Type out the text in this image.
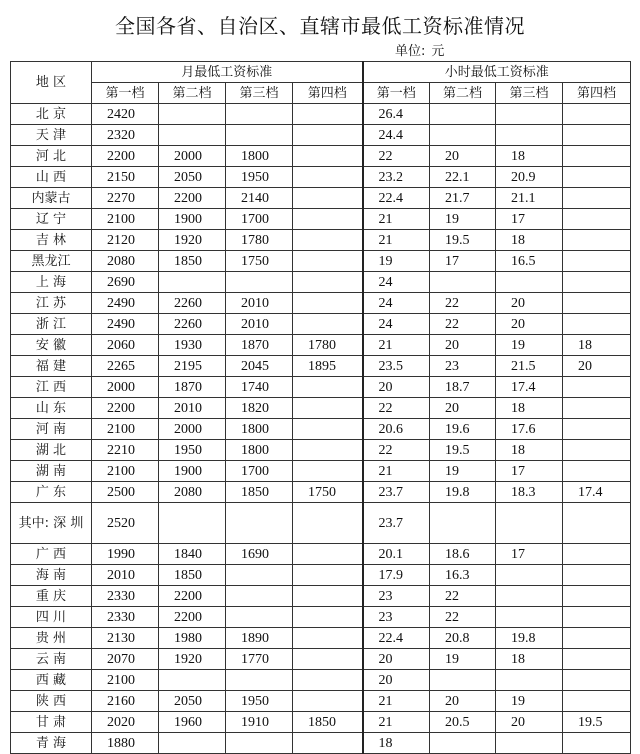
全国各省、自治区、直辖市最低工资标准情况
单位: 元
地 区	月最低工资标准				小时最低工资标准			
	第一档	第二档	第三档	第四档	第一档	第二档	第三档	第四档
北 京	2420				26.4			
天 津	2320				24.4			
河 北	2200	2000	1800		22	20	18	
山 西	2150	2050	1950		23.2	22.1	20.9	
内蒙古	2270	2200	2140		22.4	21.7	21.1	
辽 宁	2100	1900	1700		21	19	17	
吉 林	2120	1920	1780		21	19.5	18	
黑龙江	2080	1850	1750		19	17	16.5	
上 海	2690				24			
江 苏	2490	2260	2010		24	22	20	
浙 江	2490	2260	2010		24	22	20	
安 徽	2060	1930	1870	1780	21	20	19	18
福 建	2265	2195	2045	1895	23.5	23	21.5	20
江 西	2000	1870	1740		20	18.7	17.4	
山 东	2200	2010	1820		22	20	18	
河 南	2100	2000	1800		20.6	19.6	17.6	
湖 北	2210	1950	1800		22	19.5	18	
湖 南	2100	1900	1700		21	19	17	
广 东	2500	2080	1850	1750	23.7	19.8	18.3	17.4
其中: 深 圳	2520				23.7			
广 西	1990	1840	1690		20.1	18.6	17	
海 南	2010	1850			17.9	16.3		
重 庆	2330	2200			23	22		
四 川	2330	2200			23	22		
贵 州	2130	1980	1890		22.4	20.8	19.8	
云 南	2070	1920	1770		20	19	18	
西 藏	2100				20			
陕 西	2160	2050	1950		21	20	19	
甘 肃	2020	1960	1910	1850	21	20.5	20	19.5
青 海	1880				18			
